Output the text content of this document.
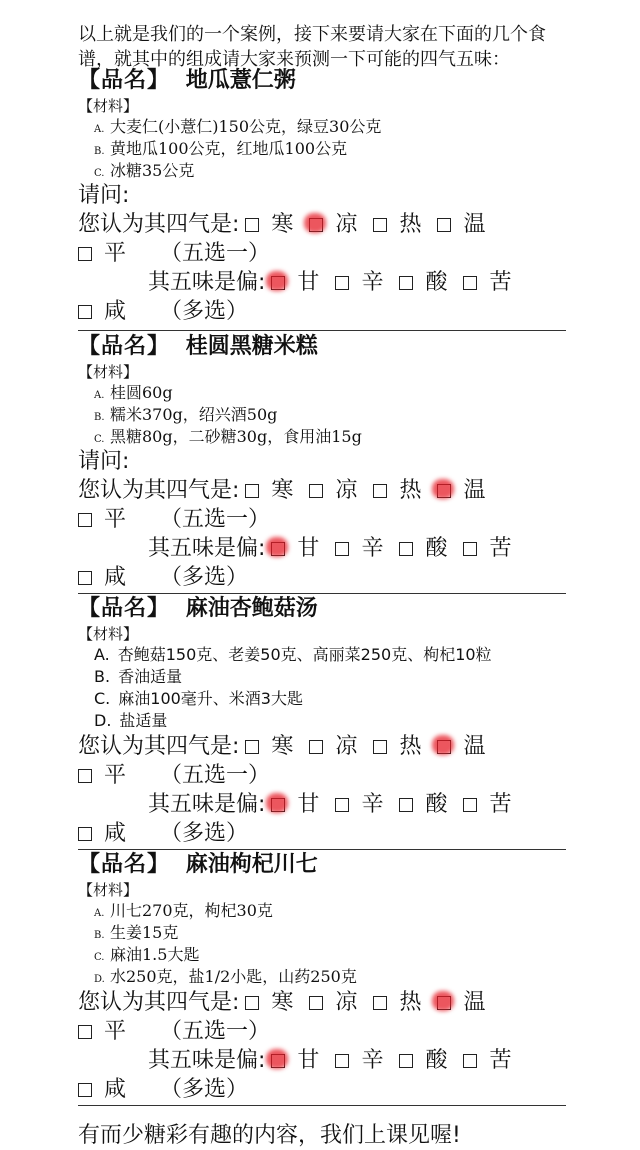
以上就是我们的一个案例，接下来要请大家在下面的几个食谱，就其中的组成请大家来预测一下可能的四气五味：
【品名】 地瓜薏仁粥
【材料】
A. 大麦仁(小薏仁)150公克，绿豆30公克
B. 黄地瓜100公克，红地瓜100公克
C. 冰糖35公克
请问:
您认为其四气是: 寒 凉 热 温
平 （五选一）
其五味是偏: 甘 辛 酸 苦
咸 （多选）
【品名】 桂圆黑糖米糕
【材料】
A. 桂圆60g
B. 糯米370g，绍兴酒50g
C. 黑糖80g，二砂糖30g，食用油15g
请问:
您认为其四气是: 寒 凉 热 温
平 （五选一）
其五味是偏: 甘 辛 酸 苦
咸 （多选）
【品名】 麻油杏鲍菇汤
【材料】
A. 杏鲍菇150克、老姜50克、高丽菜250克、枸杞10粒
B. 香油适量
C. 麻油100毫升、米酒3大匙
D. 盐适量
您认为其四气是: 寒 凉 热 温
平 （五选一）
其五味是偏: 甘 辛 酸 苦
咸 （多选）
【品名】 麻油枸杞川七
【材料】
A. 川七270克，枸杞30克
B. 生姜15克
C. 麻油1.5大匙
D. 水250克，盐1/2小匙，山药250克
您认为其四气是: 寒 凉 热 温
平 （五选一）
其五味是偏: 甘 辛 酸 苦
咸 （多选）
有而少糖彩有趣的内容，我们上课见喔!
